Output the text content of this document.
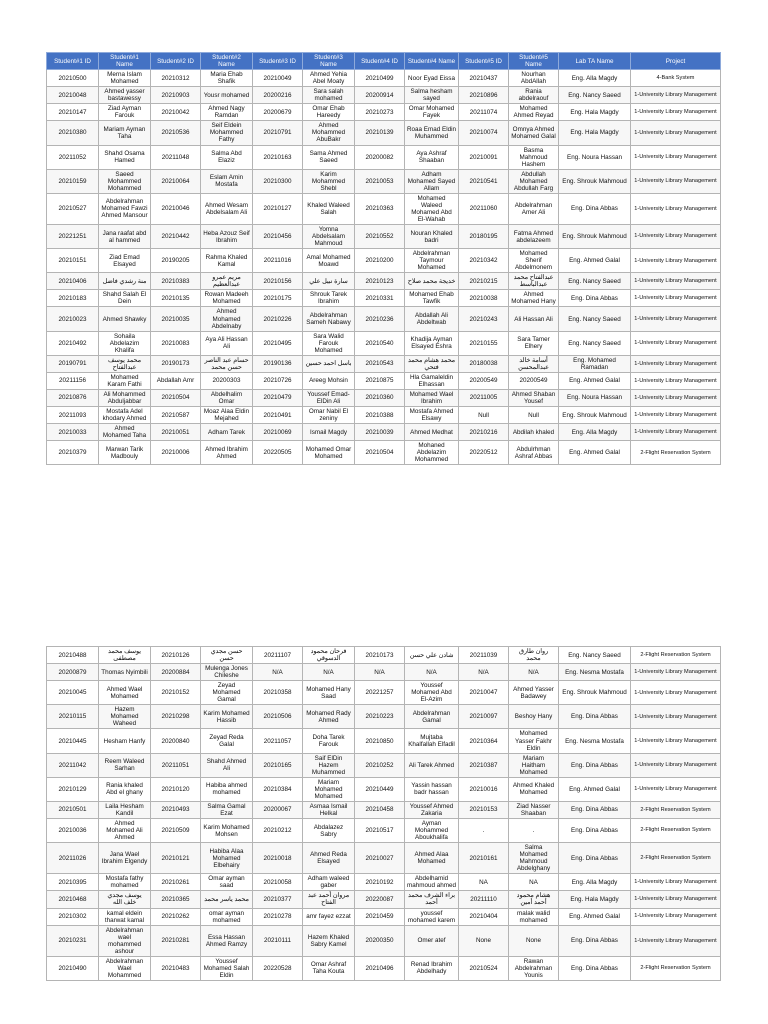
Student#1 ID	Student#1 Name	Student#2 ID	Student#2 Name	Student#3 ID	Student#3 Name	Student#4 ID	Student#4 Name	Student#5 ID	Student#5 Name	Lab TA Name	Project
20210500	Merna Islam Mohamed	20210312	Maria Ehab Shafik	20210049	Ahmed Yehia Abel Moaty	20210499	Noor Eyad Eissa	20210437	Nourhan AbdAllah	Eng. Alla Magdy	4-Bank System
20210048	Ahmed yasser bastawessy	20210903	Yousr mohamed	20200216	Sara salah mohamed	20200914	Salma hesham sayed	20210896	Rania abdelraouf	Eng. Nancy Saeed	1-University Library Management
20210147	Ziad Ayman Farouk	20210042	Ahmed Nagy Ramdan	20200679	Omar Ehab Hareedy	20210273	Omar Mohamed Fayek	20211074	Mohamed Ahmed Reyad	Eng. Hala Magdy	1-University Library Management
20210380	Mariam Ayman Taha	20210536	Seif Eldein Mohammed Fathy	20210791	Ahmed Mohammed AbuBakr	20210139	Roaa Emad Eldin Muhammed	20210074	Omnya Ahmed Mohamed Galal	Eng. Hala Magdy	1-University Library Management
20211052	Shahd Osama Hamed	20211048	Salma Abd Elaziz	20210163	Sama Ahmed Saeed	20200082	Aya Ashraf Shaaban	20210091	Basma Mahmoud Hashem	Eng. Noura Hassan	1-University Library Management
20210159	Saeed Mohammed Mohammed	20210064	Eslam Amin Mostafa	20210300	Karim Mohammed Shebl	20210053	Adham Mohamed Sayed Allam	20210541	Abdullah Mohamed Abdullah Farg	Eng. Shrouk Mahmoud	1-University Library Management
20210527	Abdelrahman Mohamed Fawzi Ahmed Mansour	20210046	Ahmed Wesam Abdelsalam Ali	20210127	Khaled Waleed Salah	20210363	Mohamed Waleed Mohamed Abd El-Wahab	20211060	Abdelrahman Amer Ali	Eng. Dina Abbas	1-University Library Management
20221251	Jana raafat abd al hammed	20210442	Heba Azouz Seif Ibrahim	20210456	Yomna Abdelsalam Mahmoud	20210552	Nouran Khaled badri	20180195	Fatma Ahmed abdelazeem	Eng. Shrouk Mahmoud	1-University Library Management
20210151	Ziad Emad Elsayed	20190205	Rahma Khaled Kamal	20211016	Amal Mohamed Moawd	20210200	Abdelrahman Taymour Mohamed	20210342	Mohamed Sherif Abdelmonem	Eng. Ahmed Galal	1-University Library Management
20210406	منة رشدي فاضل	20210383	مريم عمرو عبدالعظيم	20210156	سارة نبيل علي	20210123	خديجة محمد صلاح	20210215	عبدالفتاح محمد عبدالباسط	Eng. Nancy Saeed	1-University Library Management
20210183	Shahd Salah El Dein	20210135	Rowan Madeeh Mohamed	20210175	Shrouk Tarek Ibrahim	20210331	Mohamed Ehab Tawfik	20210038	Ahmed Mohamed Hany	Eng. Dina Abbas	1-University Library Management
20210023	Ahmed Shawky	20210035	Ahmed Mohamed Abdelnaby	20210226	Abdelrahman Sameh Nabawy	20210236	Abdallah Ali Abdeltwab	20210243	Ali Hassan Ali	Eng. Nancy Saeed	1-University Library Management
20210492	Sohaila Abdelazim Khalifa	20210083	Aya Ali Hassan Ali	20210495	Sara Walid Farouk Mohamed	20210540	Khadija Ayman Elsayed Eshra	20210155	Sara Tamer Elhery	Eng. Nancy Saeed	1-University Library Management
20190791	محمد يوسف عبدالفتاح	20190173	حسام عبد الناصر حسن محمد	20190136	باسل احمد حسين	20210543	محمد هشام محمد فتحي	20180038	أسامة خالد عبدالمحسن	Eng. Mohamed Ramadan	1-University Library Management
20211156	Mohamed Karam Fathi	Abdallah Amr	20200303	20210726	Areeg Mohsin	20210875	Hla Gamaleldin Elhassan	20200549	20200549	Eng. Ahmed Galal	1-University Library Management
20210876	Ali Mohammed Abduljabbar	20210504	Abdelhalim Omar	20210479	Youssef Emad-ElDin Ali	20210360	Mohamed Wael Ibrahim	20211005	Ahmed Shaban Yousef	Eng. Noura Hassan	1-University Library Management
20211093	Mostafa Adel khodary Ahmed	20210587	Moaz Alaa Eldin Mejahed	20210491	Omar Nabil El zeniny	20210388	Mostafa Ahmed Elsawy	Null	Null	Eng. Shrouk Mahmoud	1-University Library Management
20210033	Ahmed Mohamed Taha	20210051	Adham Tarek	20210069	Ismail Magdy	20210039	Ahmed Medhat	20210216	Abdilah khaled	Eng. Alla Magdy	1-University Library Management
20210379	Marwan Tarik Madbouly	20210006	Ahmed Ibrahim Ahmed	20220505	Mohamed Omar Mohamed	20210504	Mohaned Abdelazim Mohammed	20220512	Abdulrhman Ashraf Abbas	Eng. Ahmed Galal	2-Flight Reservation System
20210488	يوسف محمد مصطفى	20210126	حسن مجدي حسن	20211107	فرحان محمود الدسوقي	20210173	شادن علي حسن	20211039	روان طارق محمد	Eng. Nancy Saeed	2-Flight Reservation System
20200879	Thomas Nyimbili	20200884	Mulenga Jones Chileshe	N/A	N/A	N/A	N/A	N/A	N/A	Eng. Nesma Mostafa	1-University Library Management
20210045	Ahmed Wael Mohamed	20210152	Zeyad Mohamed Gamal	20210358	Mohamed Hany Saad	20221257	Youssef Mohamed Abd El-Azim	20210047	Ahmed Yasser Badawey	Eng. Shrouk Mahmoud	1-University Library Management
20210115	Hazem Mohamed Waheed	20210298	Karim Mohamed Hassib	20210506	Mohamed Rady Ahmed	20210223	Abdelrahman Gamal	20210097	Beshoy Hany	Eng. Dina Abbas	1-University Library Management
20210445	Hesham Hanfy	20200840	Zeyad Reda Galal	20211057	Doha Tarek Farouk	20210850	Mujtaba Khalfallah Elfadil	20210364	Mohamed Yasser Fakhr Eldin	Eng. Nesma Mostafa	1-University Library Management
20211042	Reem Waleed Sarhan	20211051	Shahd Ahmed Ali	20210165	Saif ElDin Hazem Muhammed	20210252	Ali Tarek Ahmed	20210387	Mariam Haitham Mohamed	Eng. Dina Abbas	1-University Library Management
20210129	Rania khaled Abd el ghany	20210120	Habiba ahmed mohamed	20210384	Mariam Mohamed Mohamed	20210449	Yassin hassan badr hassan	20210016	Ahmed Khaled Mohamed	Eng. Ahmed Galal	1-University Library Management
20210501	Laila Hesham Kandil	20210493	Salma Gamal Ezat	20200067	Asmaa Ismail Helkal	20210458	Youssef Ahmed Zakaria	20210153	Ziad Nasser Shaaban	Eng. Dina Abbas	2-Flight Reservation System
20210036	Ahmed Mohamed Ali Ahmed	20210509	Karim Mohamed Mohsen	20210212	Abdalazez Sabry	20210517	Ayman Mohammed Aboukhalifa	.	.	Eng. Dina Abbas	2-Flight Reservation System
20211026	Jana Wael Ibrahim Elgendy	20210121	Habiba Alaa Mohamed Elbehairy	20210018	Ahmed Reda Elsayed	20210027	Ahmed Alaa Mohamed	20210161	Salma Mohamed Mahmoud Abdelghany	Eng. Dina Abbas	2-Flight Reservation System
20210395	Mostafa fathy mohamed	20210261	Omar ayman saad	20210058	Adham waleed gaber	20210192	Abdelhamid mahmoud ahmed	NA	NA	Eng. Alla Magdy	1-University Library Management
20210468	يوسف مجدي خلف الله	20210365	محمد ياسر محمد	20210377	مروان أحمد عبد الفتاح	20220087	براء الشرف محمد أحمد	20211110	هشام محمود أحمد أمين	Eng. Hala Magdy	1-University Library Management
20210302	kamal eldein tharwat kamal	20210262	omar ayman mohamed	20210278	amr fayez ezzat	20210459	youssef mohamed karem	20210404	malak walid mohamed	Eng. Ahmed Galal	1-University Library Management
20210231	Abdelrahman wael mohammed ashour	20210281	Essa Hassan Ahmed Ramzy	20210111	Hazem Khaled Sabry Kamel	20200350	Omer atef	None	None	Eng. Dina Abbas	1-University Library Management
20210490	Abdelrahman Wael Mohammed	20210483	Youssef Mohamed Salah Eldin	20220528	Omar Ashraf Taha Kouta	20210496	Renad Ibrahim Abdelhady	20210524	Rawan Abdelrahman Younis	Eng. Dina Abbas	2-Flight Reservation System
